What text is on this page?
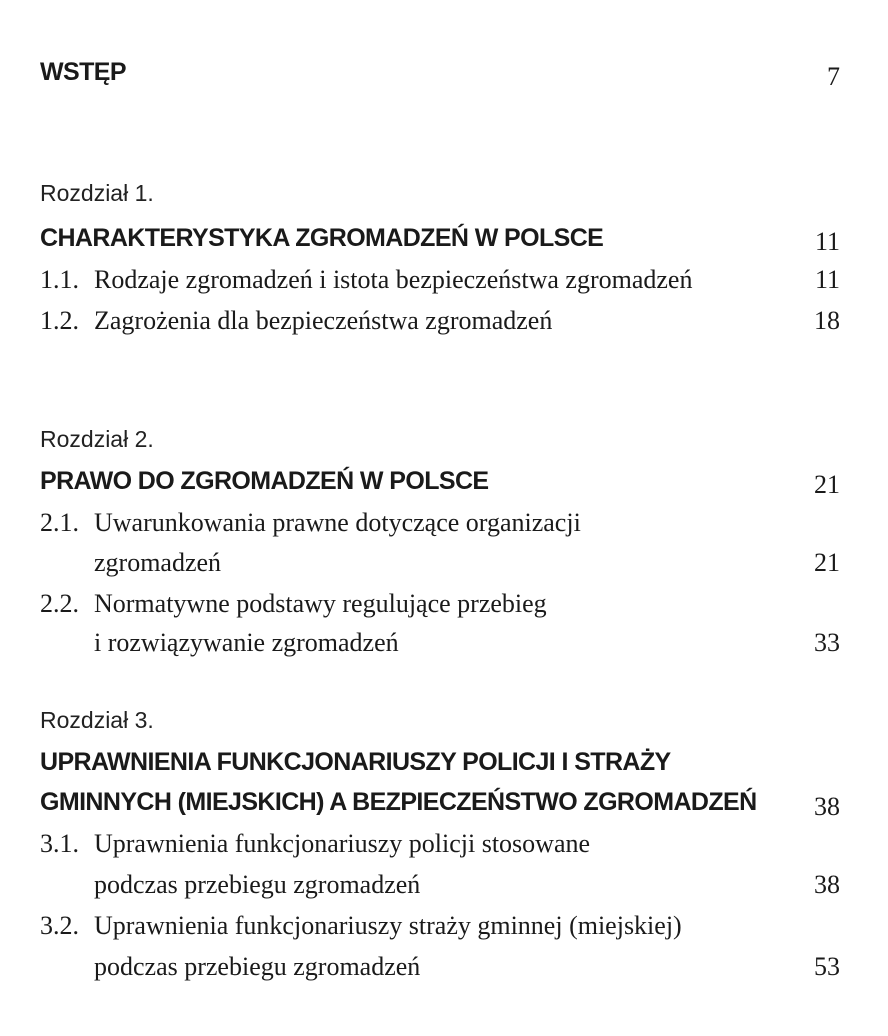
WSTĘP	7
Rozdział 1.
CHARAKTERYSTYKA ZGROMADZEŃ W POLSCE	11
1.1. Rodzaje zgromadzeń i istota bezpieczeństwa zgromadzeń	11
1.2. Zagrożenia dla bezpieczeństwa zgromadzeń	18
Rozdział 2.
PRAWO DO ZGROMADZEŃ W POLSCE	21
2.1. Uwarunkowania prawne dotyczące organizacji
zgromadzeń	21
2.2. Normatywne podstawy regulujące przebieg
i rozwiązywanie zgromadzeń	33
Rozdział 3.
UPRAWNIENIA FUNKCJONARIUSZY POLICJI I STRAŻY
GMINNYCH (MIEJSKICH) A BEZPIECZEŃSTWO ZGROMADZEŃ 38
3.1. Uprawnienia funkcjonariuszy policji stosowane
podczas przebiegu zgromadzeń	38
3.2. Uprawnienia funkcjonariuszy straży gminnej (miejskiej)
podczas przebiegu zgromadzeń	53
